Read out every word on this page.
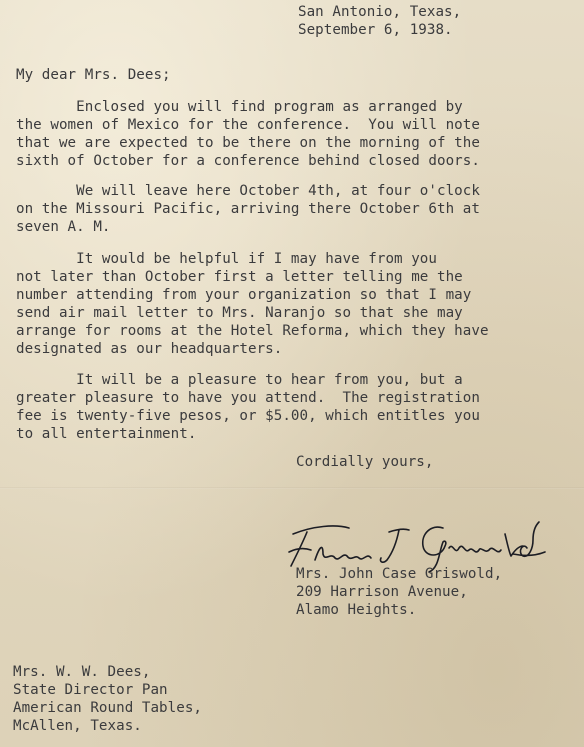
San Antonio, Texas,
September 6, 1938.
My dear Mrs. Dees;
Enclosed you will find program as arranged by
the women of Mexico for the conference.  You will note
that we are expected to be there on the morning of the
sixth of October for a conference behind closed doors.
We will leave here October 4th, at four o'clock
on the Missouri Pacific, arriving there October 6th at
seven A. M.
It would be helpful if I may have from you
not later than October first a letter telling me the
number attending from your organization so that I may
send air mail letter to Mrs. Naranjo so that she may
arrange for rooms at the Hotel Reforma, which they have
designated as our headquarters.
It will be a pleasure to hear from you, but a
greater pleasure to have you attend.  The registration
fee is twenty-five pesos, or $5.00, which entitles you
to all entertainment.
Cordially yours,
Florence I. Griswold
Mrs. John Case Griswold,
209 Harrison Avenue,
Alamo Heights.
Mrs. W. W. Dees,
State Director Pan
American Round Tables,
McAllen, Texas.
